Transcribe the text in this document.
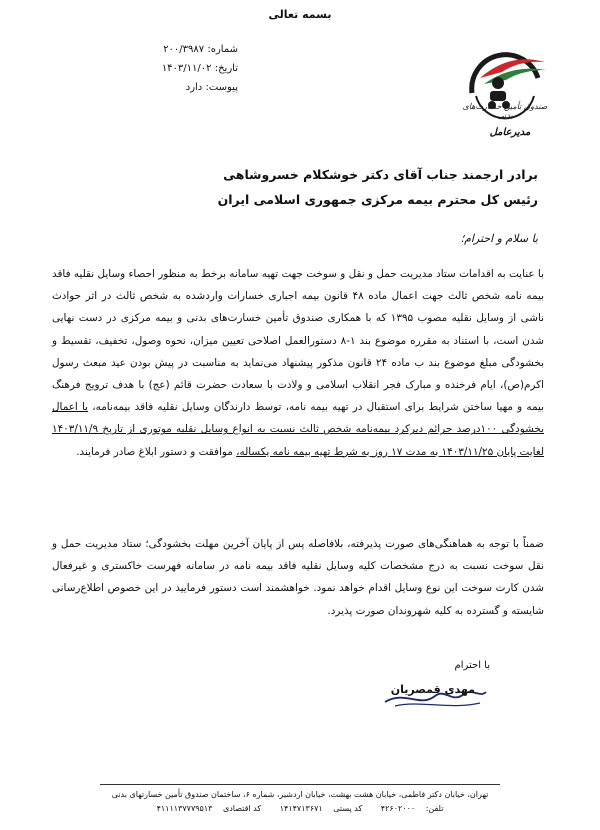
بسمه تعالی
شماره: ۲۰۰/۳۹۸۷
تاریخ: ۱۴۰۳/۱۱/۰۲
پیوست: دارد
صندوق تأمین خسارت‌های بدنی
مدیرعامل
برادر ارجمند جناب آقای دکتر خوشکلام خسروشاهی
رئیس کل محترم بیمه مرکزی جمهوری اسلامی ایران
با سلام و احترام؛
با عنایت به اقدامات ستاد مدیریت حمل و نقل و سوخت جهت تهیه سامانه برخط به منظور احصاء وسایل نقلیه فاقد بیمه نامه شخص ثالث جهت اعمال ماده ۴۸ قانون بیمه اجباری خسارات واردشده به شخص ثالث در اثر حوادث ناشی از وسایل نقلیه مصوب ۱۳۹۵ که با همکاری صندوق تأمین خسارت‌های بدنی و بیمه مرکزی در دست نهایی شدن است، با استناد به مقرره موضوع بند ۱-۸ دستورالعمل اصلاحی تعیین میزان، نحوه وصول، تخفیف، تقسیط و بخشودگی مبلغ موضوع بند ب ماده ۲۴ قانون مذکور پیشنهاد می‌نماید به مناسبت در پیش بودن عید مبعث رسول اکرم(ص)، ایام فرخنده و مبارک فجر انقلاب اسلامی و ولادت با سعادت حضرت قائم (عج) با هدف ترویج فرهنگ بیمه و مهیا ساختن شرایط برای استقبال در تهیه بیمه نامه، توسط دارندگان وسایل نقلیه فاقد بیمه‌نامه، با اعمال بخشودگی ۱۰۰درصد جرائم دیرکرد بیمه‌نامه شخص ثالث نسبت به انواع وسایل نقلیه موتوری از تاریخ ۱۴۰۳/۱۱/۹ لغایت پایان ۱۴۰۳/۱۱/۲۵ به مدت ۱۷ روز به شرط تهیه بیمه نامه یکساله، موافقت و دستور ابلاغ صادر فرمایند.
ضمناً با توجه به هماهنگی‌های صورت پذیرفته، بلافاصله پس از پایان آخرین مهلت بخشودگی؛ ستاد مدیریت حمل و نقل سوخت نسبت به درج مشخصات کلیه وسایل نقلیه فاقد بیمه نامه در سامانه فهرست خاکستری و غیرفعال شدن کارت سوخت این نوع وسایل اقدام خواهد نمود. خواهشمند است دستور فرمایید در این خصوص اطلاع‌رسانی شایسته و گسترده به کلیه شهروندان صورت پذیرد.
با احترام
مهدی قمصریان
تهران، خیابان دکتر فاطمی، خیابان هشت بهشت، خیابان اردشیر، شماره ۶، ساختمان صندوق تأمین خسارتهای بدنی
تلفن: ۴۲۶۰۲۰۰۰ کد پستی ۱۴۱۴۷۱۳۶۷۱ کد اقتصادی ۴۱۱۱۱۳۷۷۷۹۵۱۳
